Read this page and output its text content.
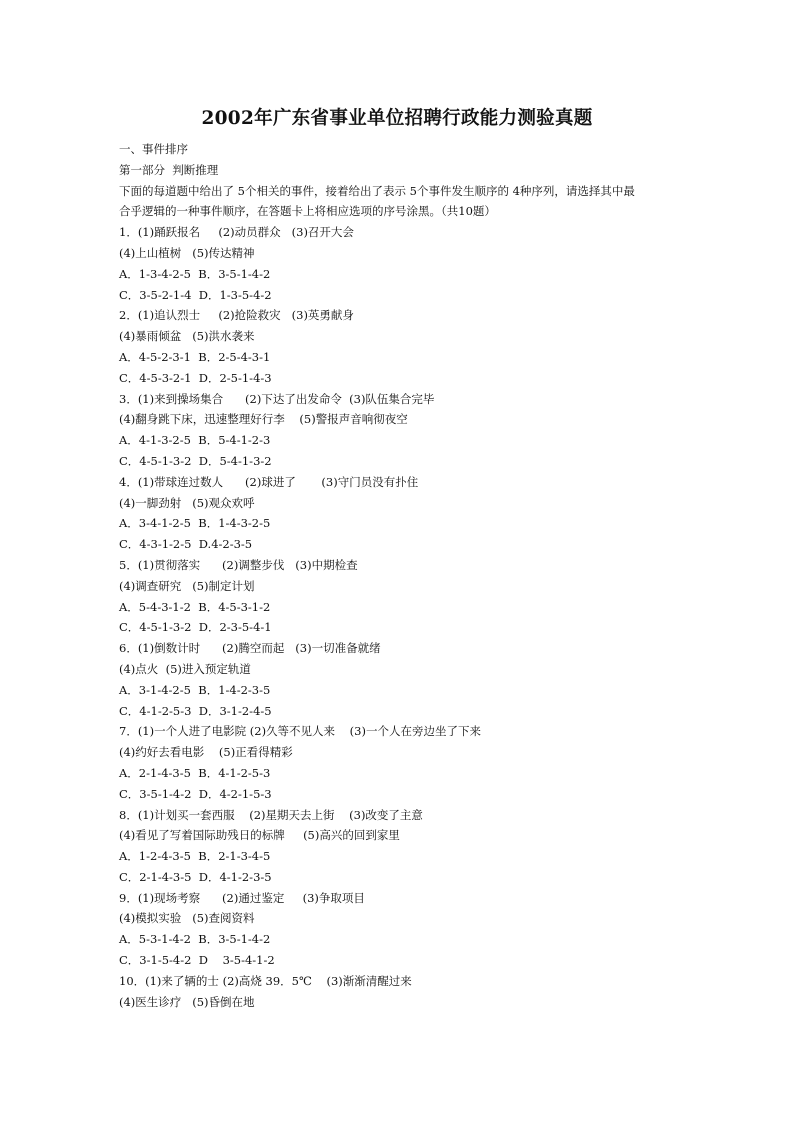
2002年广东省事业单位招聘行政能力测验真题
一、事件排序
第一部分  判断推理
下面的每道题中给出了 5个相关的事件，接着给出了表示 5个事件发生顺序的 4种序列，请选择其中最合乎逻辑的一种事件顺序，在答题卡上将相应选项的序号涂黑。（共10题）
1．(1)踊跃报名     (2)动员群众   (3)召开大会
(4)上山植树   (5)传达精神
A．1-3-4-2-5  B．3-5-1-4-2
C．3-5-2-1-4  D．1-3-5-4-2
2．(1)追认烈士     (2)抢险救灾   (3)英勇献身
(4)暴雨倾盆   (5)洪水袭来
A．4-5-2-3-1  B．2-5-4-3-1
C．4-5-3-2-1  D．2-5-1-4-3
3．(1)来到操场集合      (2)下达了出发命令  (3)队伍集合完毕
(4)翻身跳下床，迅速整理好行李    (5)警报声音响彻夜空
A．4-1-3-2-5  B．5-4-1-2-3
C．4-5-1-3-2  D．5-4-1-3-2
4．(1)带球连过数人      (2)球进了       (3)守门员没有扑住
(4)一脚劲射   (5)观众欢呼
A．3-4-1-2-5  B．1-4-3-2-5
C．4-3-1-2-5  D.4-2-3-5
5．(1)贯彻落实      (2)调整步伐   (3)中期检查
(4)调查研究   (5)制定计划
A．5-4-3-1-2  B．4-5-3-1-2
C．4-5-1-3-2  D．2-3-5-4-1
6．(1)倒数计时      (2)腾空而起   (3)一切准备就绪
(4)点火  (5)进入预定轨道
A．3-1-4-2-5  B．1-4-2-3-5
C．4-1-2-5-3  D．3-1-2-4-5
7．(1)一个人进了电影院 (2)久等不见人来    (3)一个人在旁边坐了下来
(4)约好去看电影    (5)正看得精彩
A．2-1-4-3-5  B．4-1-2-5-3
C．3-5-1-4-2  D．4-2-1-5-3
8．(1)计划买一套西服    (2)星期天去上街    (3)改变了主意
(4)看见了写着国际助残日的标牌     (5)高兴的回到家里
A．1-2-4-3-5  B．2-1-3-4-5
C．2-1-4-3-5  D．4-1-2-3-5
9．(1)现场考察      (2)通过鉴定     (3)争取项目
(4)模拟实验   (5)查阅资料
A．5-3-1-4-2  B．3-5-1-4-2
C．3-1-5-4-2  D    3-5-4-1-2
10．(1)来了辆的士 (2)高烧 39．5℃    (3)渐渐清醒过来
(4)医生诊疗   (5)昏倒在地
